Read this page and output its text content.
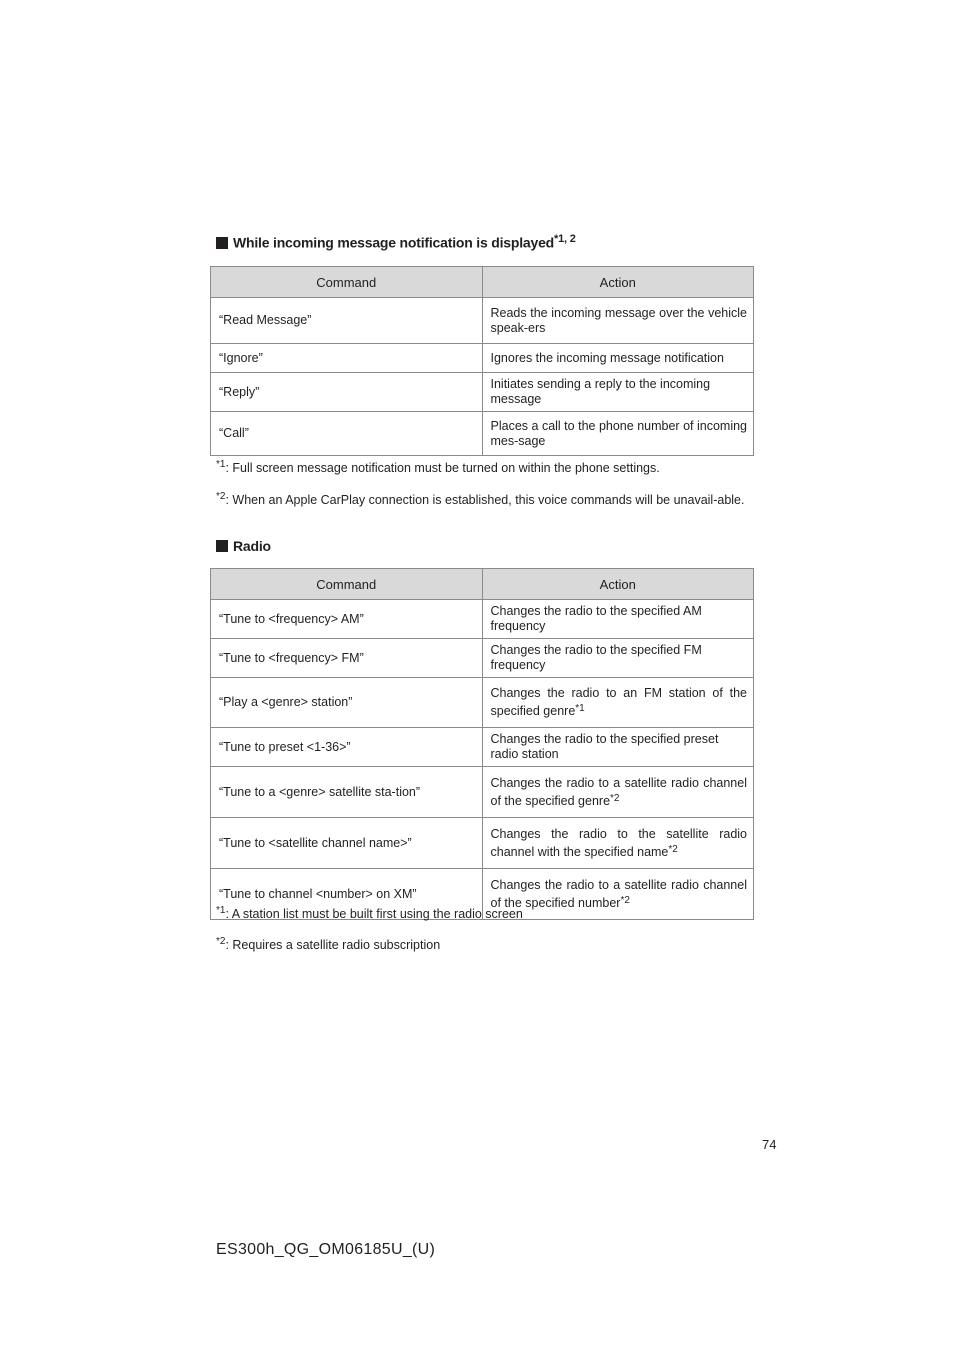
While incoming message notification is displayed$^{*1, 2}$
Command	Action
“Read Message”	Reads the incoming message over the vehicle speak-ers
“Ignore”	Ignores the incoming message notification
“Reply”	Initiates sending a reply to the incoming message
“Call”	Places a call to the phone number of incoming mes-sage
$^{*1}$: Full screen message notification must be turned on within the phone settings.
$^{*2}$: When an Apple CarPlay connection is established, this voice commands will be unavail-able.
Radio
Command	Action
“Tune to <frequency> AM”	Changes the radio to the specified AM frequency
“Tune to <frequency> FM”	Changes the radio to the specified FM frequency
“Play a <genre> station”	Changes the radio to an FM station of the specified genre$^{*1}$
“Tune to preset <1-36>”	Changes the radio to the specified preset radio station
“Tune to a <genre> satellite sta-tion”	Changes the radio to a satellite radio channel of the specified genre$^{*2}$
“Tune to <satellite channel name>”	Changes the radio to the satellite radio channel with the specified name$^{*2}$
“Tune to channel <number> on XM”	Changes the radio to a satellite radio channel of the specified number$^{*2}$
$^{*1}$: A station list must be built first using the radio screen
$^{*2}$: Requires a satellite radio subscription
74
ES300h_QG_OM06185U_(U)
